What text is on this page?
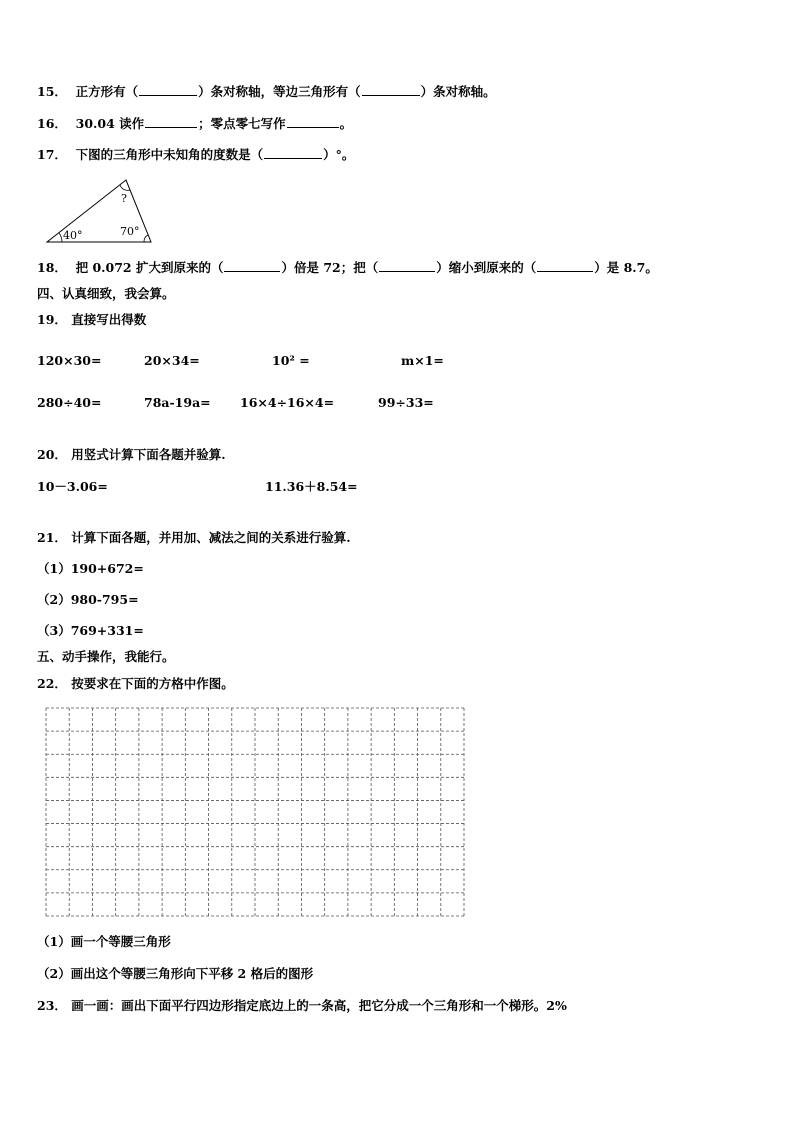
15． 正方形有（	）条对称轴，等边三角形有（	）条对称轴。
16． 30.04 读作	；零点零七写作	。
17． 下图的三角形中未知角的度数是（	）°。
?
40°	70°
18． 把 0.072 扩大到原来的（	）倍是 72；把（	）缩小到原来的（	）是 8.7。
四、认真细致，我会算。
19． 直接写出得数
120×30=	20×34=	10² =	m×1=
280÷40=	78a-19a= 16×4÷16×4=	99÷33=
20． 用竖式计算下面各题并验算.
10－3.06=	11.36＋8.54=
21． 计算下面各题，并用加、减法之间的关系进行验算.
（1）190+672=
（2）980-795=
（3）769+331=
五、动手操作，我能行。
22． 按要求在下面的方格中作图。
（1）画一个等腰三角形
（2）画出这个等腰三角形向下平移 2 格后的图形
23． 画一画：画出下面平行四边形指定底边上的一条高，把它分成一个三角形和一个梯形。2%
